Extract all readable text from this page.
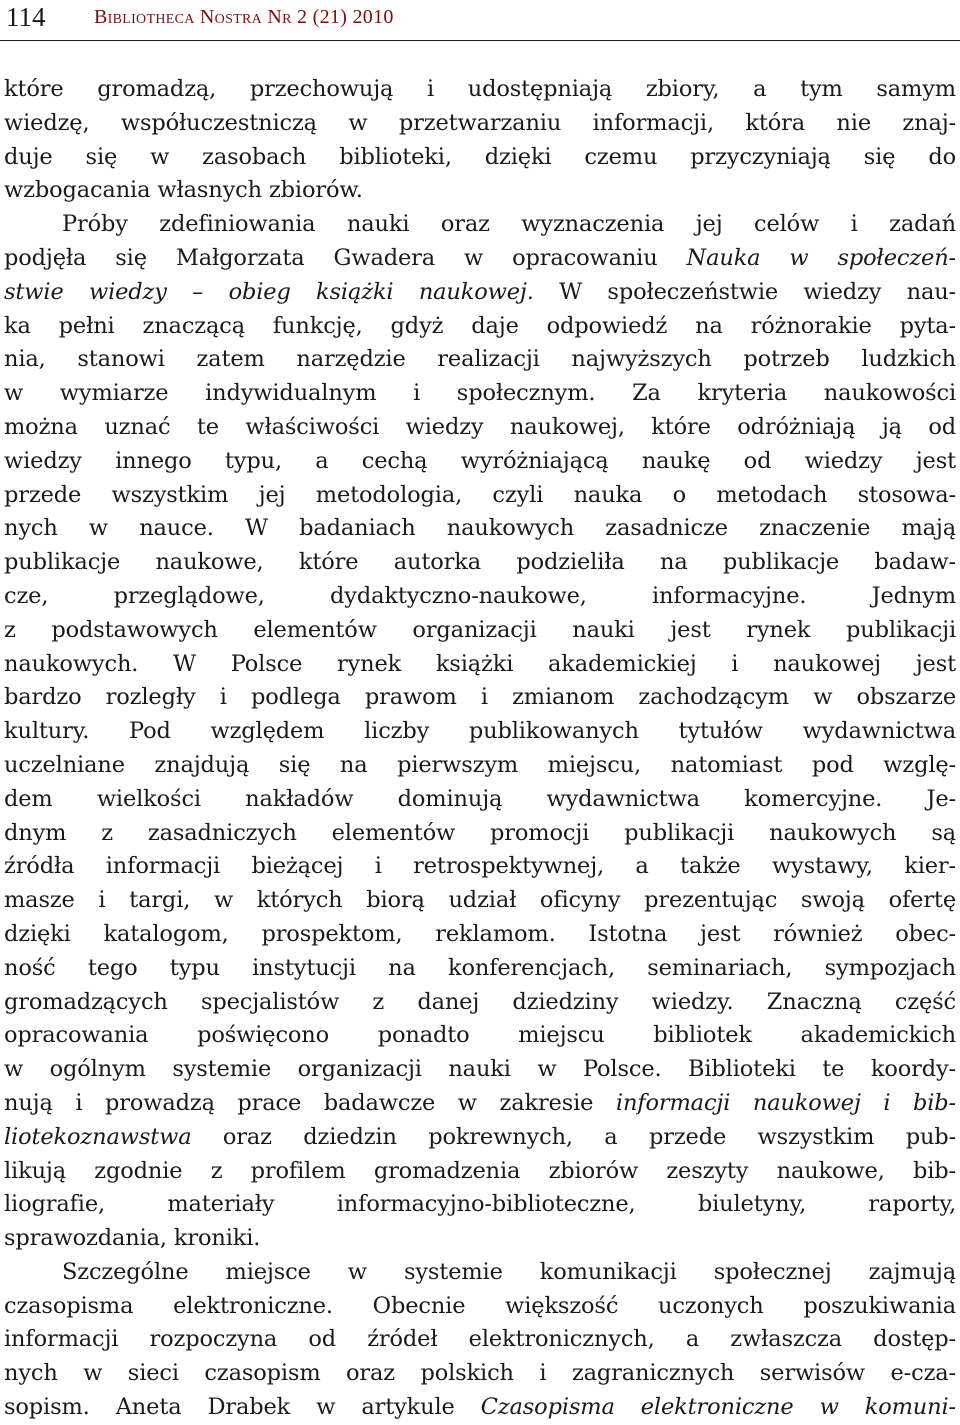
114 Bibliotheca Nostra Nr 2 (21) 2010
które gromadzą, przechowują i udostępniają zbiory, a tym samym
wiedzę, współuczestniczą w przetwarzaniu informacji, która nie znaj-
duje się w zasobach biblioteki, dzięki czemu przyczyniają się do
wzbogacania własnych zbiorów.
Próby zdefiniowania nauki oraz wyznaczenia jej celów i zadań
podjęła się Małgorzata Gwadera w opracowaniu Nauka w społeczeń-
stwie wiedzy – obieg książki naukowej. W społeczeństwie wiedzy nau-
ka pełni znaczącą funkcję, gdyż daje odpowiedź na różnorakie pyta-
nia, stanowi zatem narzędzie realizacji najwyższych potrzeb ludzkich
w wymiarze indywidualnym i społecznym. Za kryteria naukowości
można uznać te właściwości wiedzy naukowej, które odróżniają ją od
wiedzy innego typu, a cechą wyróżniającą naukę od wiedzy jest
przede wszystkim jej metodologia, czyli nauka o metodach stosowa-
nych w nauce. W badaniach naukowych zasadnicze znaczenie mają
publikacje naukowe, które autorka podzieliła na publikacje badaw-
cze, przeglądowe, dydaktyczno-naukowe, informacyjne. Jednym
z podstawowych elementów organizacji nauki jest rynek publikacji
naukowych. W Polsce rynek książki akademickiej i naukowej jest
bardzo rozległy i podlega prawom i zmianom zachodzącym w obszarze
kultury. Pod względem liczby publikowanych tytułów wydawnictwa
uczelniane znajdują się na pierwszym miejscu, natomiast pod wzglę-
dem wielkości nakładów dominują wydawnictwa komercyjne. Je-
dnym z zasadniczych elementów promocji publikacji naukowych są
źródła informacji bieżącej i retrospektywnej, a także wystawy, kier-
masze i targi, w których biorą udział oficyny prezentując swoją ofertę
dzięki katalogom, prospektom, reklamom. Istotna jest również obec-
ność tego typu instytucji na konferencjach, seminariach, sympozjach
gromadzących specjalistów z danej dziedziny wiedzy. Znaczną część
opracowania poświęcono ponadto miejscu bibliotek akademickich
w ogólnym systemie organizacji nauki w Polsce. Biblioteki te koordy-
nują i prowadzą prace badawcze w zakresie informacji naukowej i bib-
liotekoznawstwa oraz dziedzin pokrewnych, a przede wszystkim pub-
likują zgodnie z profilem gromadzenia zbiorów zeszyty naukowe, bib-
liografie, materiały informacyjno-biblioteczne, biuletyny, raporty,
sprawozdania, kroniki.
Szczególne miejsce w systemie komunikacji społecznej zajmują
czasopisma elektroniczne. Obecnie większość uczonych poszukiwania
informacji rozpoczyna od źródeł elektronicznych, a zwłaszcza dostęp-
nych w sieci czasopism oraz polskich i zagranicznych serwisów e-cza-
sopism. Aneta Drabek w artykule Czasopisma elektroniczne w komuni-
